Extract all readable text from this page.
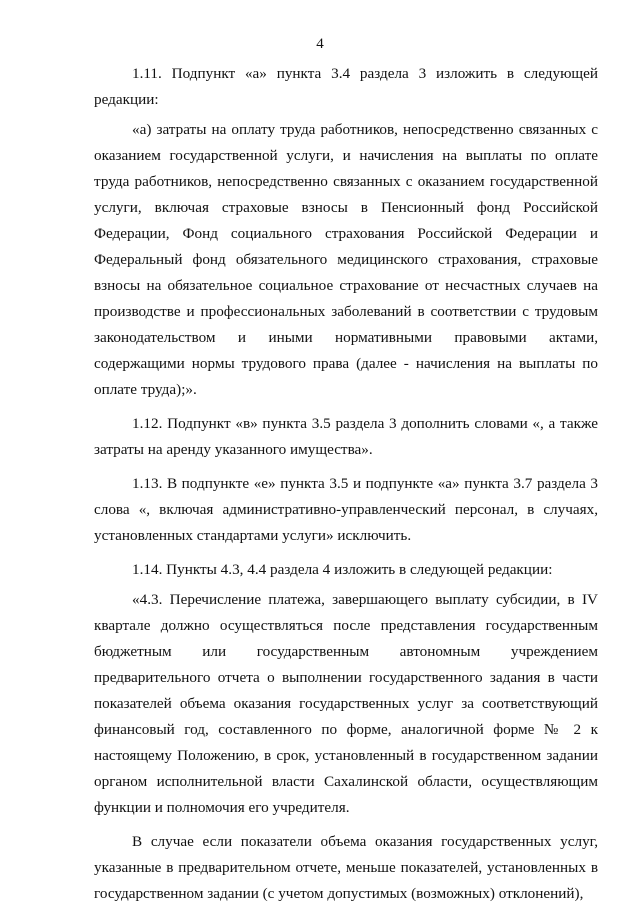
4

1.11. Подпункт «а» пункта 3.4 раздела 3 изложить в следующей редакции:

«а) затраты на оплату труда работников, непосредственно связанных с оказанием государственной услуги, и начисления на выплаты по оплате труда работников, непосредственно связанных с оказанием государственной услуги, включая страховые взносы в Пенсионный фонд Российской Федерации, Фонд социального страхования Российской Федерации и Федеральный фонд обязательного медицинского страхования, страховые взносы на обязательное социальное страхование от несчастных случаев на производстве и профессиональных заболеваний в соответствии с трудовым законодательством и иными нормативными правовыми актами, содержащими нормы трудового права (далее - начисления на выплаты по оплате труда);».

1.12. Подпункт «в» пункта 3.5 раздела 3 дополнить словами «, а также затраты на аренду указанного имущества».

1.13. В подпункте «е» пункта 3.5 и подпункте «а» пункта 3.7 раздела 3 слова «, включая административно-управленческий персонал, в случаях, установленных стандартами услуги» исключить.

1.14. Пункты 4.3, 4.4 раздела 4 изложить в следующей редакции:

«4.3. Перечисление платежа, завершающего выплату субсидии, в IV квартале должно осуществляться после представления государственным бюджетным или государственным автономным учреждением предварительного отчета о выполнении государственного задания в части показателей объема оказания государственных услуг за соответствующий финансовый год, составленного по форме, аналогичной форме № 2 к настоящему Положению, в срок, установленный в государственном задании органом исполнительной власти Сахалинской области, осуществляющим функции и полномочия его учредителя.

В случае если показатели объема оказания государственных услуг, указанные в предварительном отчете, меньше показателей, установленных в государственном задании (с учетом допустимых (возможных) отклонений),
